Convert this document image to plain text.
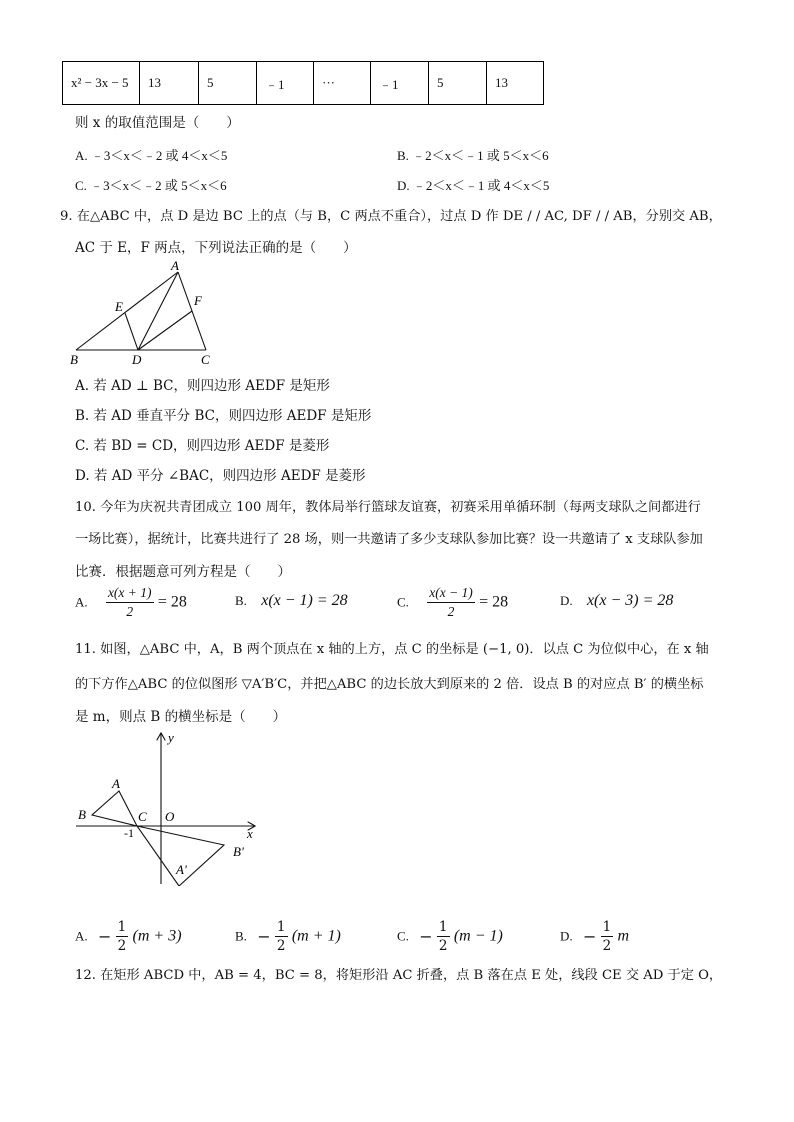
x² − 3x − 5	13	5	﹣1	···	﹣1	5	13
则 x 的取值范围是（　　）
A. ﹣3＜x＜﹣2 或 4＜x＜5	B. ﹣2＜x＜﹣1 或 5＜x＜6
C. ﹣3＜x＜﹣2 或 5＜x＜6	D. ﹣2＜x＜﹣1 或 4＜x＜5
9. 在△ABC 中，点 D 是边 BC 上的点（与 B，C 两点不重合），过点 D 作 DE / / AC, DF / / AB，分别交 AB，
AC 于 E，F 两点，下列说法正确的是（　　）
A
E	F
B	D	C
A. 若 AD ⊥ BC，则四边形 AEDF 是矩形
B. 若 AD 垂直平分 BC，则四边形 AEDF 是矩形
C. 若 BD = CD，则四边形 AEDF 是菱形
D. 若 AD 平分 ∠BAC，则四边形 AEDF 是菱形
10. 今年为庆祝共青团成立 100 周年，教体局举行篮球友谊赛，初赛采用单循环制（每两支球队之间都进行
一场比赛），据统计，比赛共进行了 28 场，则一共邀请了多少支球队参加比赛？设一共邀请了 x 支球队参加
比赛．根据题意可列方程是（　　）
A. $\frac{x(x + 1)}{2} = 28$	B. x(x − 1) = 28	C. $\frac{x(x - 1)}{2} = 28$	D. x(x − 3) = 28
11. 如图，△ABC 中，A，B 两个顶点在 x 轴的上方，点 C 的坐标是 (−1, 0)．以点 C 为位似中心，在 x 轴
的下方作△ABC 的位似图形 ▽A′B′C，并把△ABC 的边长放大到原来的 2 倍．设点 B 的对应点 B′ 的横坐标
是 m，则点 B 的横坐标是（　　）
y
x
A
B	C O
-1
B'
A'
A. − $\frac{1}{2} (m + 3)$	B. − $\frac{1}{2} (m + 1)$	C. − $\frac{1}{2} (m - 1)$	D. − $\frac{1}{2}$ m
12. 在矩形 ABCD 中，AB = 4，BC = 8，将矩形沿 AC 折叠，点 B 落在点 E 处，线段 CE 交 AD 于定 O，
